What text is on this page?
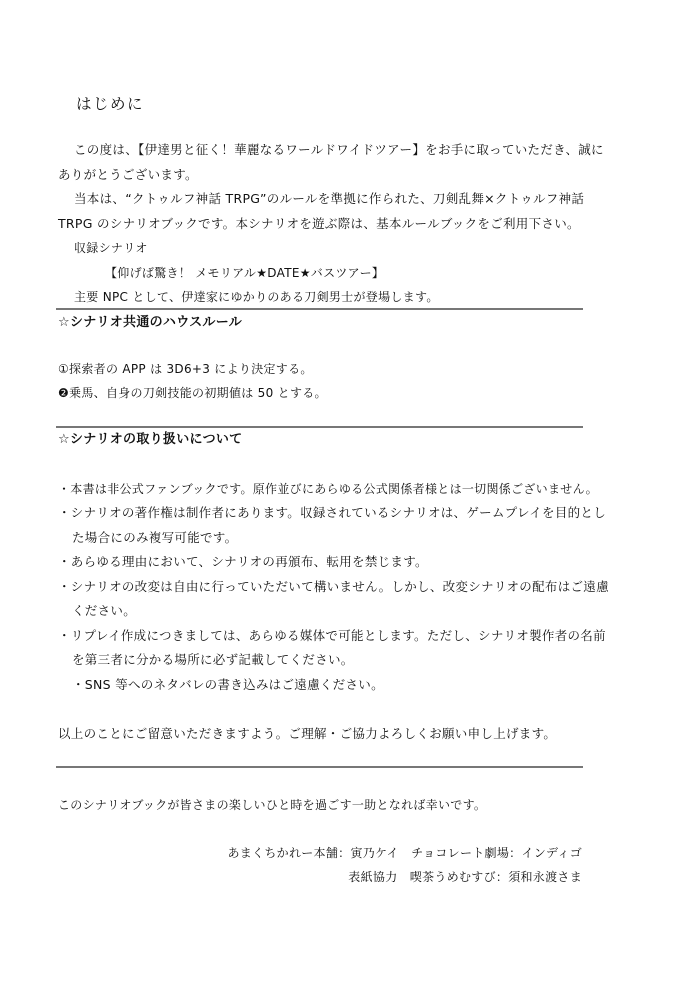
はじめに
この度は、【伊達男と征く！華麗なるワールドワイドツアー】をお手に取っていただき、誠に
ありがとうございます。
当本は、“クトゥルフ神話 TRPG”のルールを準拠に作られた、刀剣乱舞×クトゥルフ神話
TRPG のシナリオブックです。本シナリオを遊ぶ際は、基本ルールブックをご利用下さい。
収録シナリオ
【仰げば驚き！ メモリアル★DATE★バスツアー】
主要 NPC として、伊達家にゆかりのある刀剣男士が登場します。
☆シナリオ共通のハウスルール
①探索者の APP は 3D6+3 により決定する。
❷乗馬、自身の刀剣技能の初期値は 50 とする。
☆シナリオの取り扱いについて
・本書は非公式ファンブックです。原作並びにあらゆる公式関係者様とは一切関係ございません。
・シナリオの著作権は制作者にあります。収録されているシナリオは、ゲームプレイを目的とし
た場合にのみ複写可能です。
・あらゆる理由において、シナリオの再頒布、転用を禁じます。
・シナリオの改変は自由に行っていただいて構いません。しかし、改変シナリオの配布はご遠慮
ください。
・リプレイ作成につきましては、あらゆる媒体で可能とします。ただし、シナリオ製作者の名前
を第三者に分かる場所に必ず記載してください。
・SNS 等へのネタバレの書き込みはご遠慮ください。
以上のことにご留意いただきますよう。ご理解・ご協力よろしくお願い申し上げます。
このシナリオブックが皆さまの楽しいひと時を過ごす一助となれば幸いです。
あまくちかれー本舗：寅乃ケイ　チョコレート劇場：インディゴ
表紙協力　喫茶うめむすび：須和永渡さま
